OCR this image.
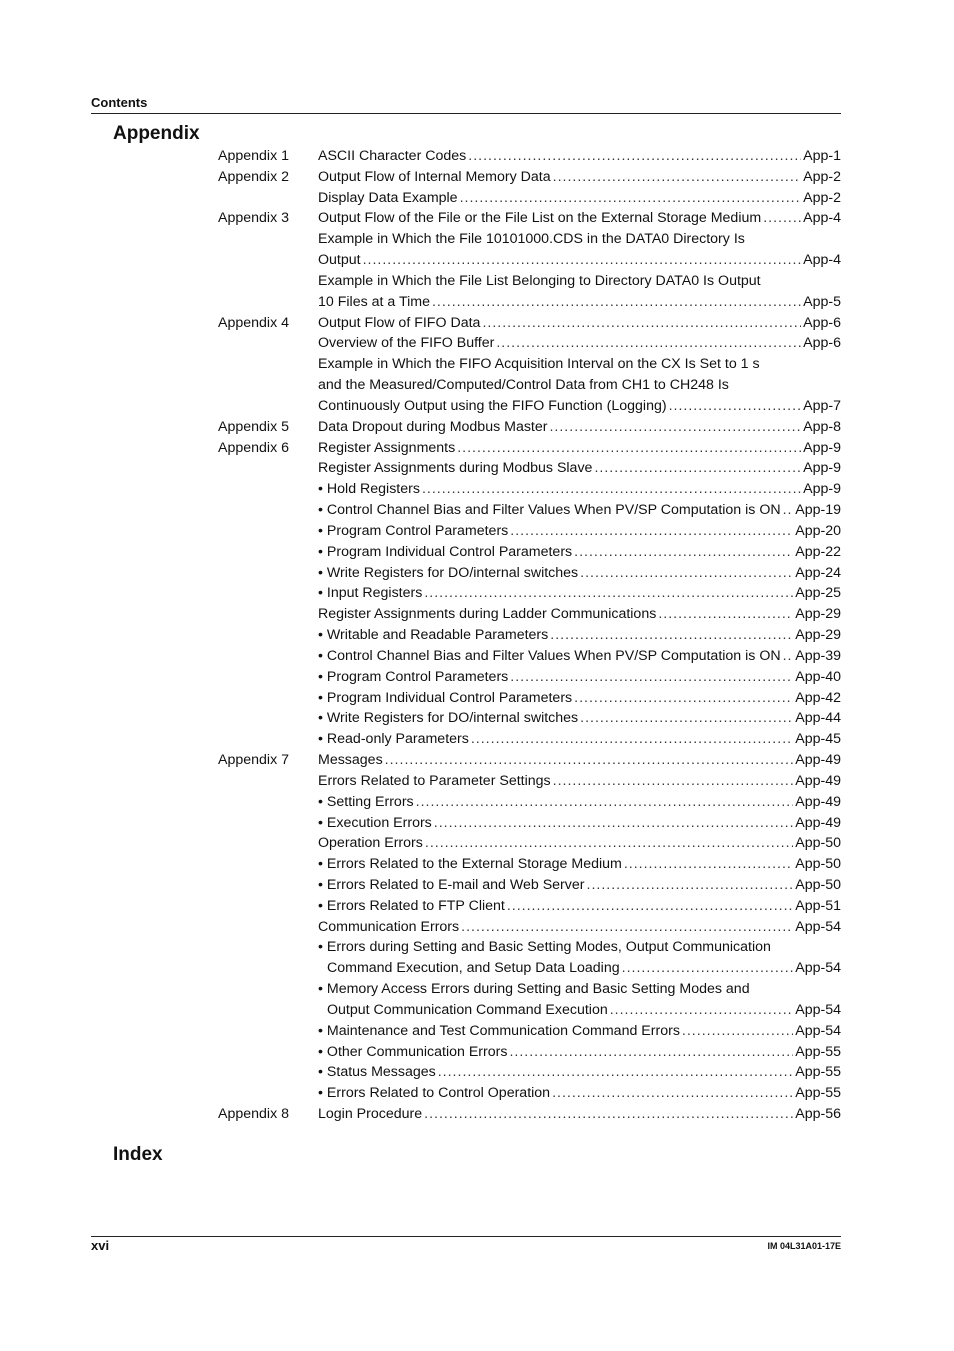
Contents
Appendix
Appendix 1 ASCII Character Codes .....	App-1
Appendix 2 Output Flow of Internal Memory Data .....	App-2
Display Data Example .....	App-2
Appendix 3 Output Flow of the File or the File List on the External Storage Medium .....	App-4
Example in Which the File 10101000.CDS in the DATA0 Directory Is
Output .....	App-4
Example in Which the File List Belonging to Directory DATA0 Is Output
10 Files at a Time .....	App-5
Appendix 4 Output Flow of FIFO Data .....	App-6
Overview of the FIFO Buffer .....	App-6
Example in Which the FIFO Acquisition Interval on the CX Is Set to 1 s
and the Measured/Computed/Control Data from CH1 to CH248 Is
Continuously Output using the FIFO Function (Logging) .....	App-7
Appendix 5 Data Dropout during Modbus Master .....	App-8
Appendix 6 Register Assignments .....	App-9
Register Assignments during Modbus Slave .....	App-9
• Hold Registers .....	App-9
• Control Channel Bias and Filter Values When PV/SP Computation is ON ..... App-19
• Program Control Parameters .....	App-20
• Program Individual Control Parameters .....	App-22
• Write Registers for DO/internal switches .....	App-24
• Input Registers .....	App-25
Register Assignments during Ladder Communications .....	App-29
• Writable and Readable Parameters .....	App-29
• Control Channel Bias and Filter Values When PV/SP Computation is ON ..... App-39
• Program Control Parameters .....	App-40
• Program Individual Control Parameters .....	App-42
• Write Registers for DO/internal switches .....	App-44
• Read-only Parameters .....	App-45
Appendix 7 Messages .....	App-49
Errors Related to Parameter Settings .....	App-49
• Setting Errors .....	App-49
• Execution Errors .....	App-49
Operation Errors .....	App-50
• Errors Related to the External Storage Medium .....	App-50
• Errors Related to E-mail and Web Server .....	App-50
• Errors Related to FTP Client .....	App-51
Communication Errors .....	App-54
• Errors during Setting and Basic Setting Modes, Output Communication
Command Execution, and Setup Data Loading .....	App-54
• Memory Access Errors during Setting and Basic Setting Modes and
Output Communication Command Execution .....	App-54
• Maintenance and Test Communication Command Errors .....	App-54
• Other Communication Errors .....	App-55
• Status Messages .....	App-55
• Errors Related to Control Operation .....	App-55
Appendix 8 Login Procedure .....	App-56
Index
xvi	IM 04L31A01-17E
